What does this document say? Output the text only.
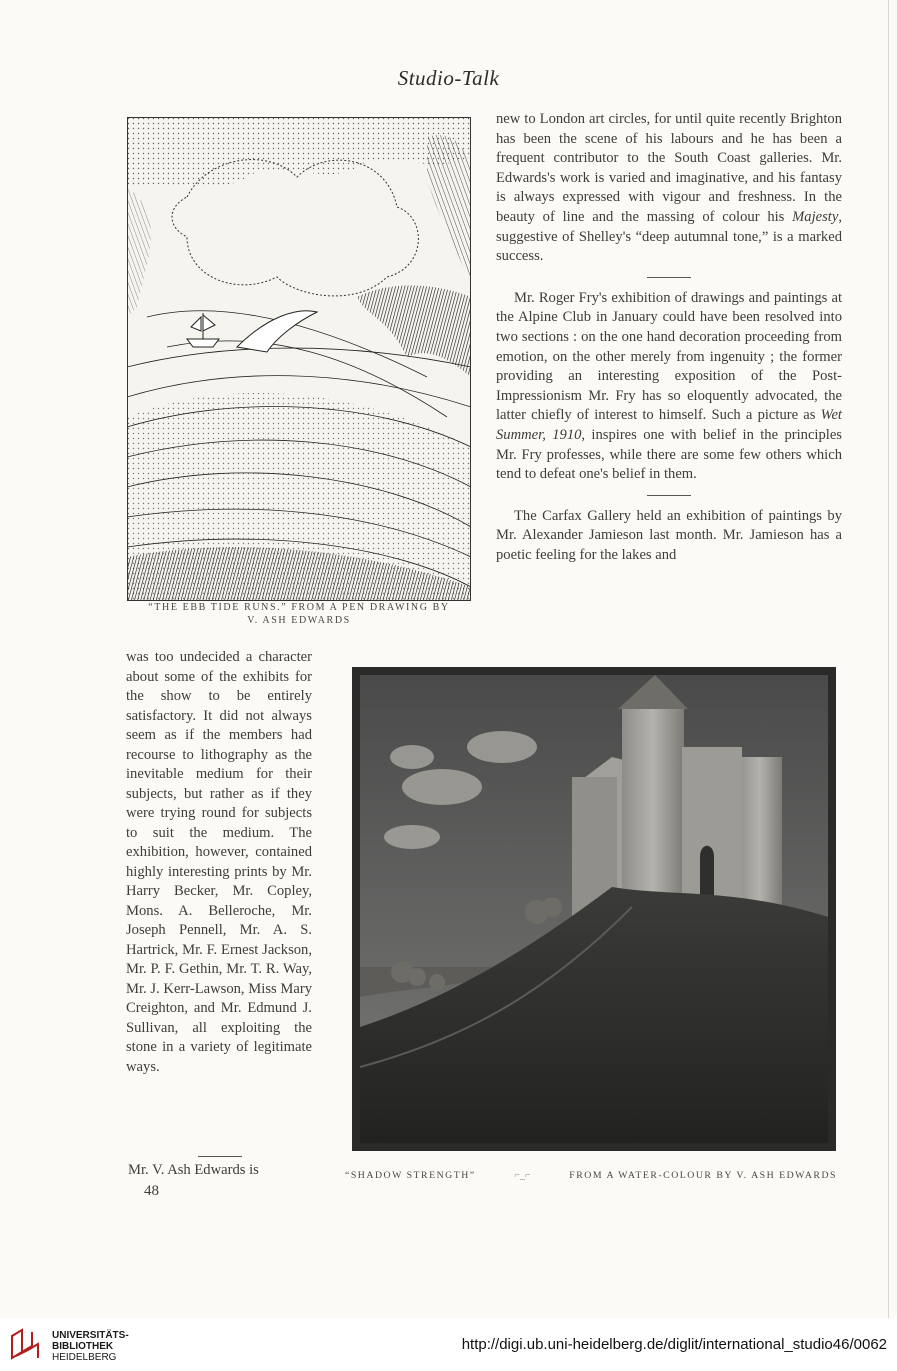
Studio-Talk
“THE EBB TIDE RUNS.” FROM A PEN DRAWING BY
V. ASH EDWARDS

new to London art circles, for until quite recently Brighton has been the scene of his labours and he has been a frequent contributor to the South Coast galleries. Mr. Edwards's work is varied and imaginative, and his fantasy is always expressed with vigour and freshness. In the beauty of line and the massing of colour his Majesty, suggestive of Shelley's “deep autumnal tone,” is a marked success.

Mr. Roger Fry's exhibition of drawings and paintings at the Alpine Club in January could have been resolved into two sections : on the one hand decoration proceeding from emotion, on the other merely from ingenuity ; the former providing an interesting exposition of the Post-Impressionism Mr. Fry has so eloquently advocated, the latter chiefly of interest to himself. Such a picture as Wet Summer, 1910, inspires one with belief in the principles Mr. Fry professes, while there are some few others which tend to defeat one's belief in them.

The Carfax Gallery held an exhibition of paintings by Mr. Alexander Jamieson last month. Mr. Jamieson has a poetic feeling for the lakes and

was too undecided a character about some of the exhibits for the show to be entirely satisfactory. It did not always seem as if the members had recourse to lithography as the inevitable medium for their subjects, but rather as if they were trying round for subjects to suit the medium. The exhibition, however, contained highly interesting prints by Mr. Harry Becker, Mr. Copley, Mons. A. Belleroche, Mr. Joseph Pennell, Mr. A. S. Hartrick, Mr. F. Ernest Jackson, Mr. P. F. Gethin, Mr. T. R. Way, Mr. J. Kerr-Lawson, Miss Mary Creighton, and Mr. Edmund J. Sullivan, all exploiting the stone in a variety of legitimate ways.

Mr. V. Ash Edwards is
48
“SHADOW STRENGTH”	⌐_⌐	FROM A WATER-COLOUR BY V. ASH EDWARDS
UNIVERSITÄTS-
BIBLIOTHEK
HEIDELBERG
http://digi.ub.uni-heidelberg.de/diglit/international_studio46/0062
